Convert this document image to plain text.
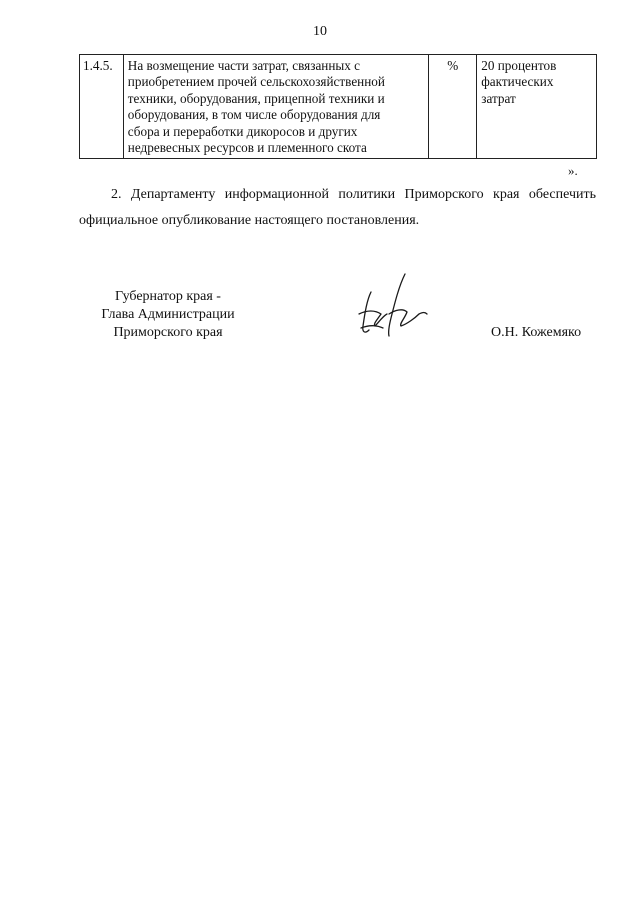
10
1.4.5.	На возмещение части затрат, связанных с
приобретением прочей сельскохозяйственной
техники, оборудования, прицепной техники и
оборудования, в том числе оборудования для
сбора и переработки дикоросов и других
недревесных ресурсов и племенного скота
	%	20 процентов
фактических
затрат
».
2. Департаменту информационной политики Приморского края обеспечить
официальное опубликование настоящего постановления.
Губернатор края -
Глава Администрации
Приморского края	О.Н. Кожемяко
